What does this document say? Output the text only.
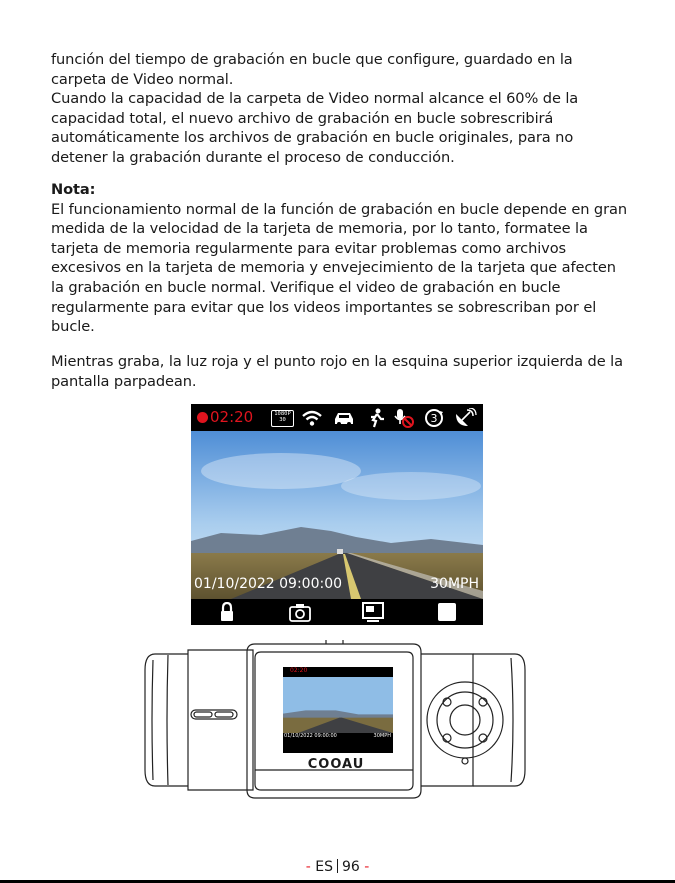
función del tiempo de grabación en bucle que configure, guardado en la carpeta de Video normal.

Cuando la capacidad de la carpeta de Video normal alcance el 60% de la capacidad total, el nuevo archivo de grabación en bucle sobrescribirá automáticamente los archivos de grabación en bucle originales, para no detener la grabación durante el proceso de conducción.

Nota:

El funcionamiento normal de la función de grabación en bucle depende en gran medida de la velocidad de la tarjeta de memoria, por lo tanto, formatee la tarjeta de memoria regularmente para evitar problemas como archivos excesivos en la tarjeta de memoria y envejecimiento de la tarjeta que afecten la grabación en bucle normal. Verifique el video de grabación en bucle regularmente para evitar que los videos importantes se sobrescriban por el bucle.

Mientras graba, la luz roja y el punto rojo en la esquina superior izquierda de la pantalla parpadean.

02:20	1080P
30	3
01/10/2022 09:00:00	30MPH
02:20
01/10/2022 09:00:00	30MPH
COOAU
- ES 96 -
